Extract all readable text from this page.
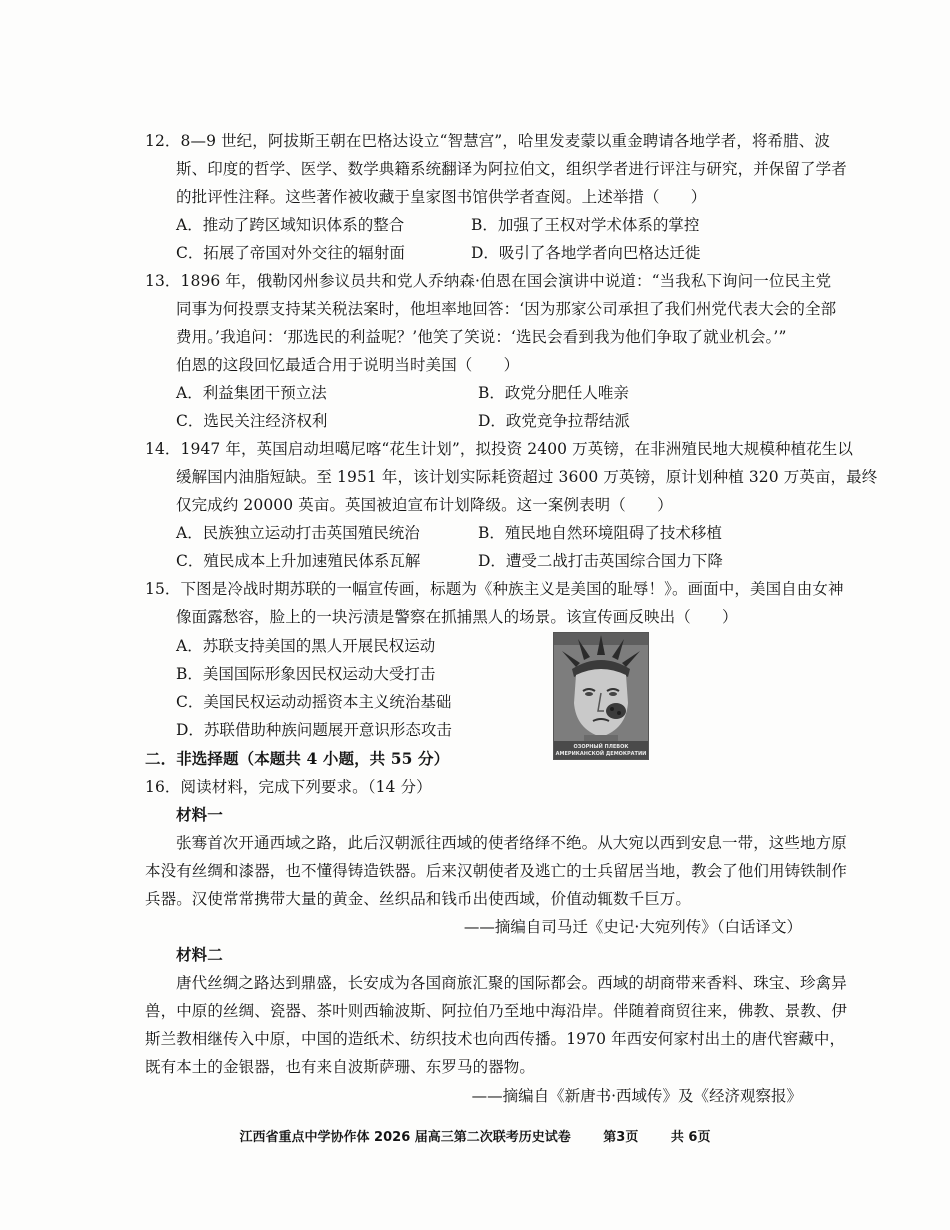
12．8—9 世纪，阿拔斯王朝在巴格达设立“智慧宫”，哈里发麦蒙以重金聘请各地学者，将希腊、波
斯、印度的哲学、医学、数学典籍系统翻译为阿拉伯文，组织学者进行评注与研究，并保留了学者
的批评性注释。这些著作被收藏于皇家图书馆供学者查阅。上述举措（　　）
A．推动了跨区域知识体系的整合	B．加强了王权对学术体系的掌控
C．拓展了帝国对外交往的辐射面	D．吸引了各地学者向巴格达迁徙
13．1896 年，俄勒冈州参议员共和党人乔纳森·伯恩在国会演讲中说道：“当我私下询问一位民主党
同事为何投票支持某关税法案时，他坦率地回答：‘因为那家公司承担了我们州党代表大会的全部
费用。’我追问：‘那选民的利益呢？’他笑了笑说：‘选民会看到我为他们争取了就业机会。’”
伯恩的这段回忆最适合用于说明当时美国（　　）
A．利益集团干预立法	B．政党分肥任人唯亲
C．选民关注经济权利	D．政党竞争拉帮结派
14．1947 年，英国启动坦噶尼喀“花生计划”，拟投资 2400 万英镑，在非洲殖民地大规模种植花生以
缓解国内油脂短缺。至 1951 年，该计划实际耗资超过 3600 万英镑，原计划种植 320 万英亩，最终
仅完成约 20000 英亩。英国被迫宣布计划降级。这一案例表明（　　）
A．民族独立运动打击英国殖民统治	B．殖民地自然环境阻碍了技术移植
C．殖民成本上升加速殖民体系瓦解	D．遭受二战打击英国综合国力下降
15．下图是冷战时期苏联的一幅宣传画，标题为《种族主义是美国的耻辱！》。画面中，美国自由女神
像面露愁容，脸上的一块污渍是警察在抓捕黑人的场景。该宣传画反映出（　　）
A．苏联支持美国的黑人开展民权运动
B．美国国际形象因民权运动大受打击
C．美国民权运动动摇资本主义统治基础
D．苏联借助种族问题展开意识形态攻击
ОЗОРНЫЙ ПЛЕВОК
АМЕРИКАНСКОЙ ДЕМОКРАТИИ
二．非选择题（本题共 4 小题，共 55 分）
16．阅读材料，完成下列要求。（14 分）
材料一
张骞首次开通西域之路，此后汉朝派往西域的使者络绎不绝。从大宛以西到安息一带，这些地方原
本没有丝绸和漆器，也不懂得铸造铁器。后来汉朝使者及逃亡的士兵留居当地，教会了他们用铸铁制作
兵器。汉使常常携带大量的黄金、丝织品和钱币出使西域，价值动辄数千巨万。
——摘编自司马迁《史记·大宛列传》（白话译文）
材料二
唐代丝绸之路达到鼎盛，长安成为各国商旅汇聚的国际都会。西域的胡商带来香料、珠宝、珍禽异
兽，中原的丝绸、瓷器、茶叶则西输波斯、阿拉伯乃至地中海沿岸。伴随着商贸往来，佛教、景教、伊
斯兰教相继传入中原，中国的造纸术、纺织技术也向西传播。1970 年西安何家村出土的唐代窖藏中，
既有本土的金银器，也有来自波斯萨珊、东罗马的器物。
——摘编自《新唐书·西域传》及《经济观察报》
江西省重点中学协作体 2026 届高三第二次联考历史试卷	第3页	共 6页
